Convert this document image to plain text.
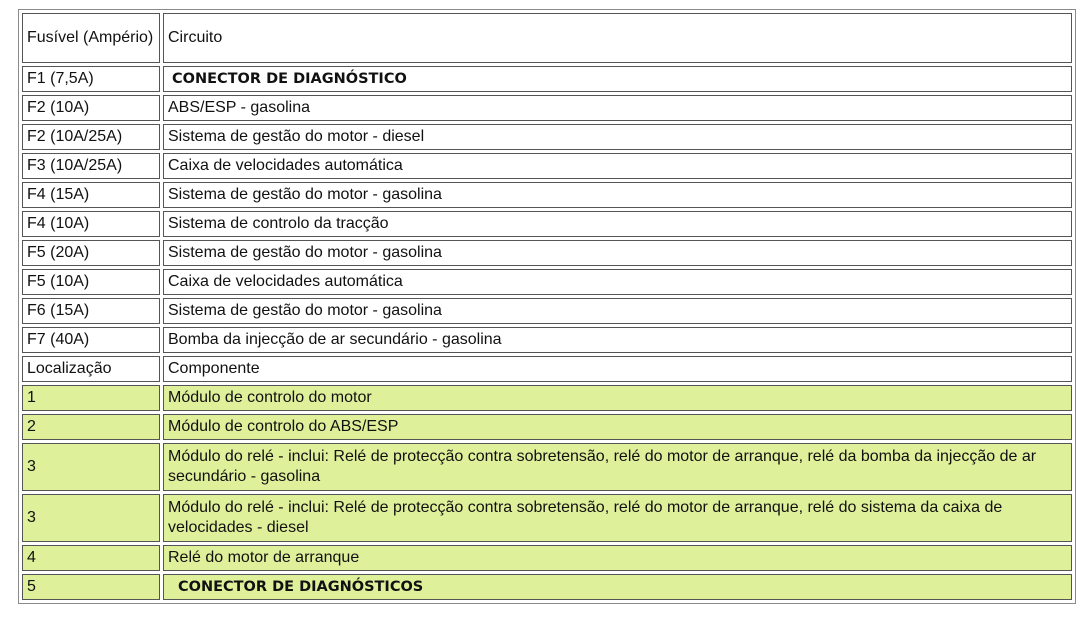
Fusível (Ampério)	Circuito
F1 (7,5A)	CONECTOR DE DIAGNÓSTICO
F2 (10A)	ABS/ESP - gasolina
F2 (10A/25A)	Sistema de gestão do motor - diesel
F3 (10A/25A)	Caixa de velocidades automática
F4 (15A)	Sistema de gestão do motor - gasolina
F4 (10A)	Sistema de controlo da tracção
F5 (20A)	Sistema de gestão do motor - gasolina
F5 (10A)	Caixa de velocidades automática
F6 (15A)	Sistema de gestão do motor - gasolina
F7 (40A)	Bomba da injecção de ar secundário - gasolina
Localização	Componente
1	Módulo de controlo do motor
2	Módulo de controlo do ABS/ESP
3	Módulo do relé - inclui: Relé de protecção contra sobretensão, relé do motor de arranque, relé da bomba da injecção de ar secundário - gasolina
3	Módulo do relé - inclui: Relé de protecção contra sobretensão, relé do motor de arranque, relé do sistema da caixa de velocidades - diesel
4	Relé do motor de arranque
5	CONECTOR DE DIAGNÓSTICOS
